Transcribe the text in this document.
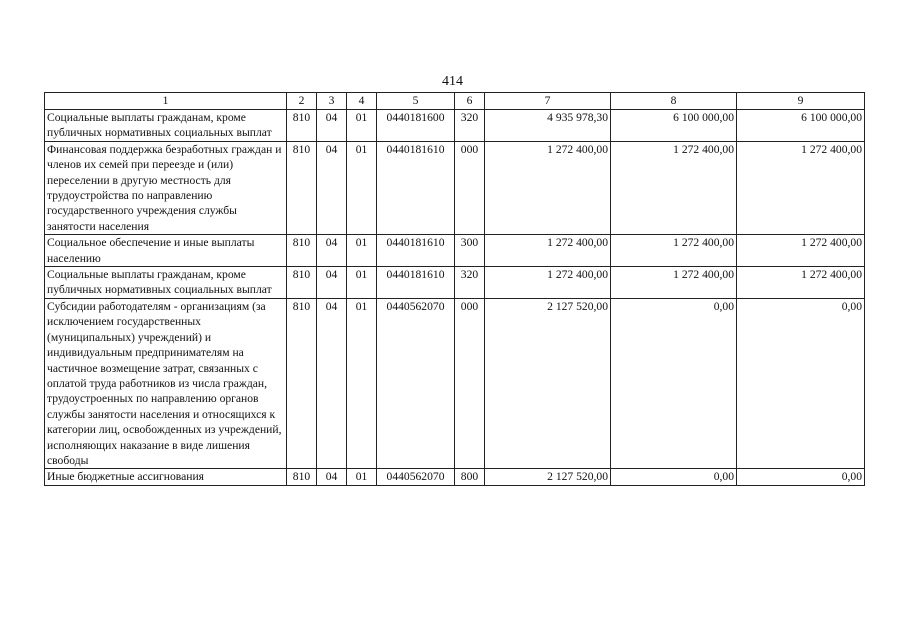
414
1	2	3	4	5	6	7	8	9
Социальные выплаты гражданам, кроме публичных нормативных социальных выплат	810	04	01	0440181600	320	4 935 978,30	6 100 000,00	6 100 000,00
Финансовая поддержка безработных граждан и членов их семей при переезде и (или) переселении в другую местность для трудоустройства по направлению государственного учреждения службы занятости населения	810	04	01	0440181610	000	1 272 400,00	1 272 400,00	1 272 400,00
Социальное обеспечение и иные выплаты населению	810	04	01	0440181610	300	1 272 400,00	1 272 400,00	1 272 400,00
Социальные выплаты гражданам, кроме публичных нормативных социальных выплат	810	04	01	0440181610	320	1 272 400,00	1 272 400,00	1 272 400,00
Субсидии работодателям - организациям (за исключением государственных (муниципальных) учреждений) и индивидуальным предпринимателям на частичное возмещение затрат, связанных с оплатой труда работников из числа граждан, трудоустроенных по направлению органов службы занятости населения и относящихся к категории лиц, освобожденных из учреждений, исполняющих наказание в виде лишения свободы	810	04	01	0440562070	000	2 127 520,00	0,00	0,00
Иные бюджетные ассигнования	810	04	01	0440562070	800	2 127 520,00	0,00	0,00
